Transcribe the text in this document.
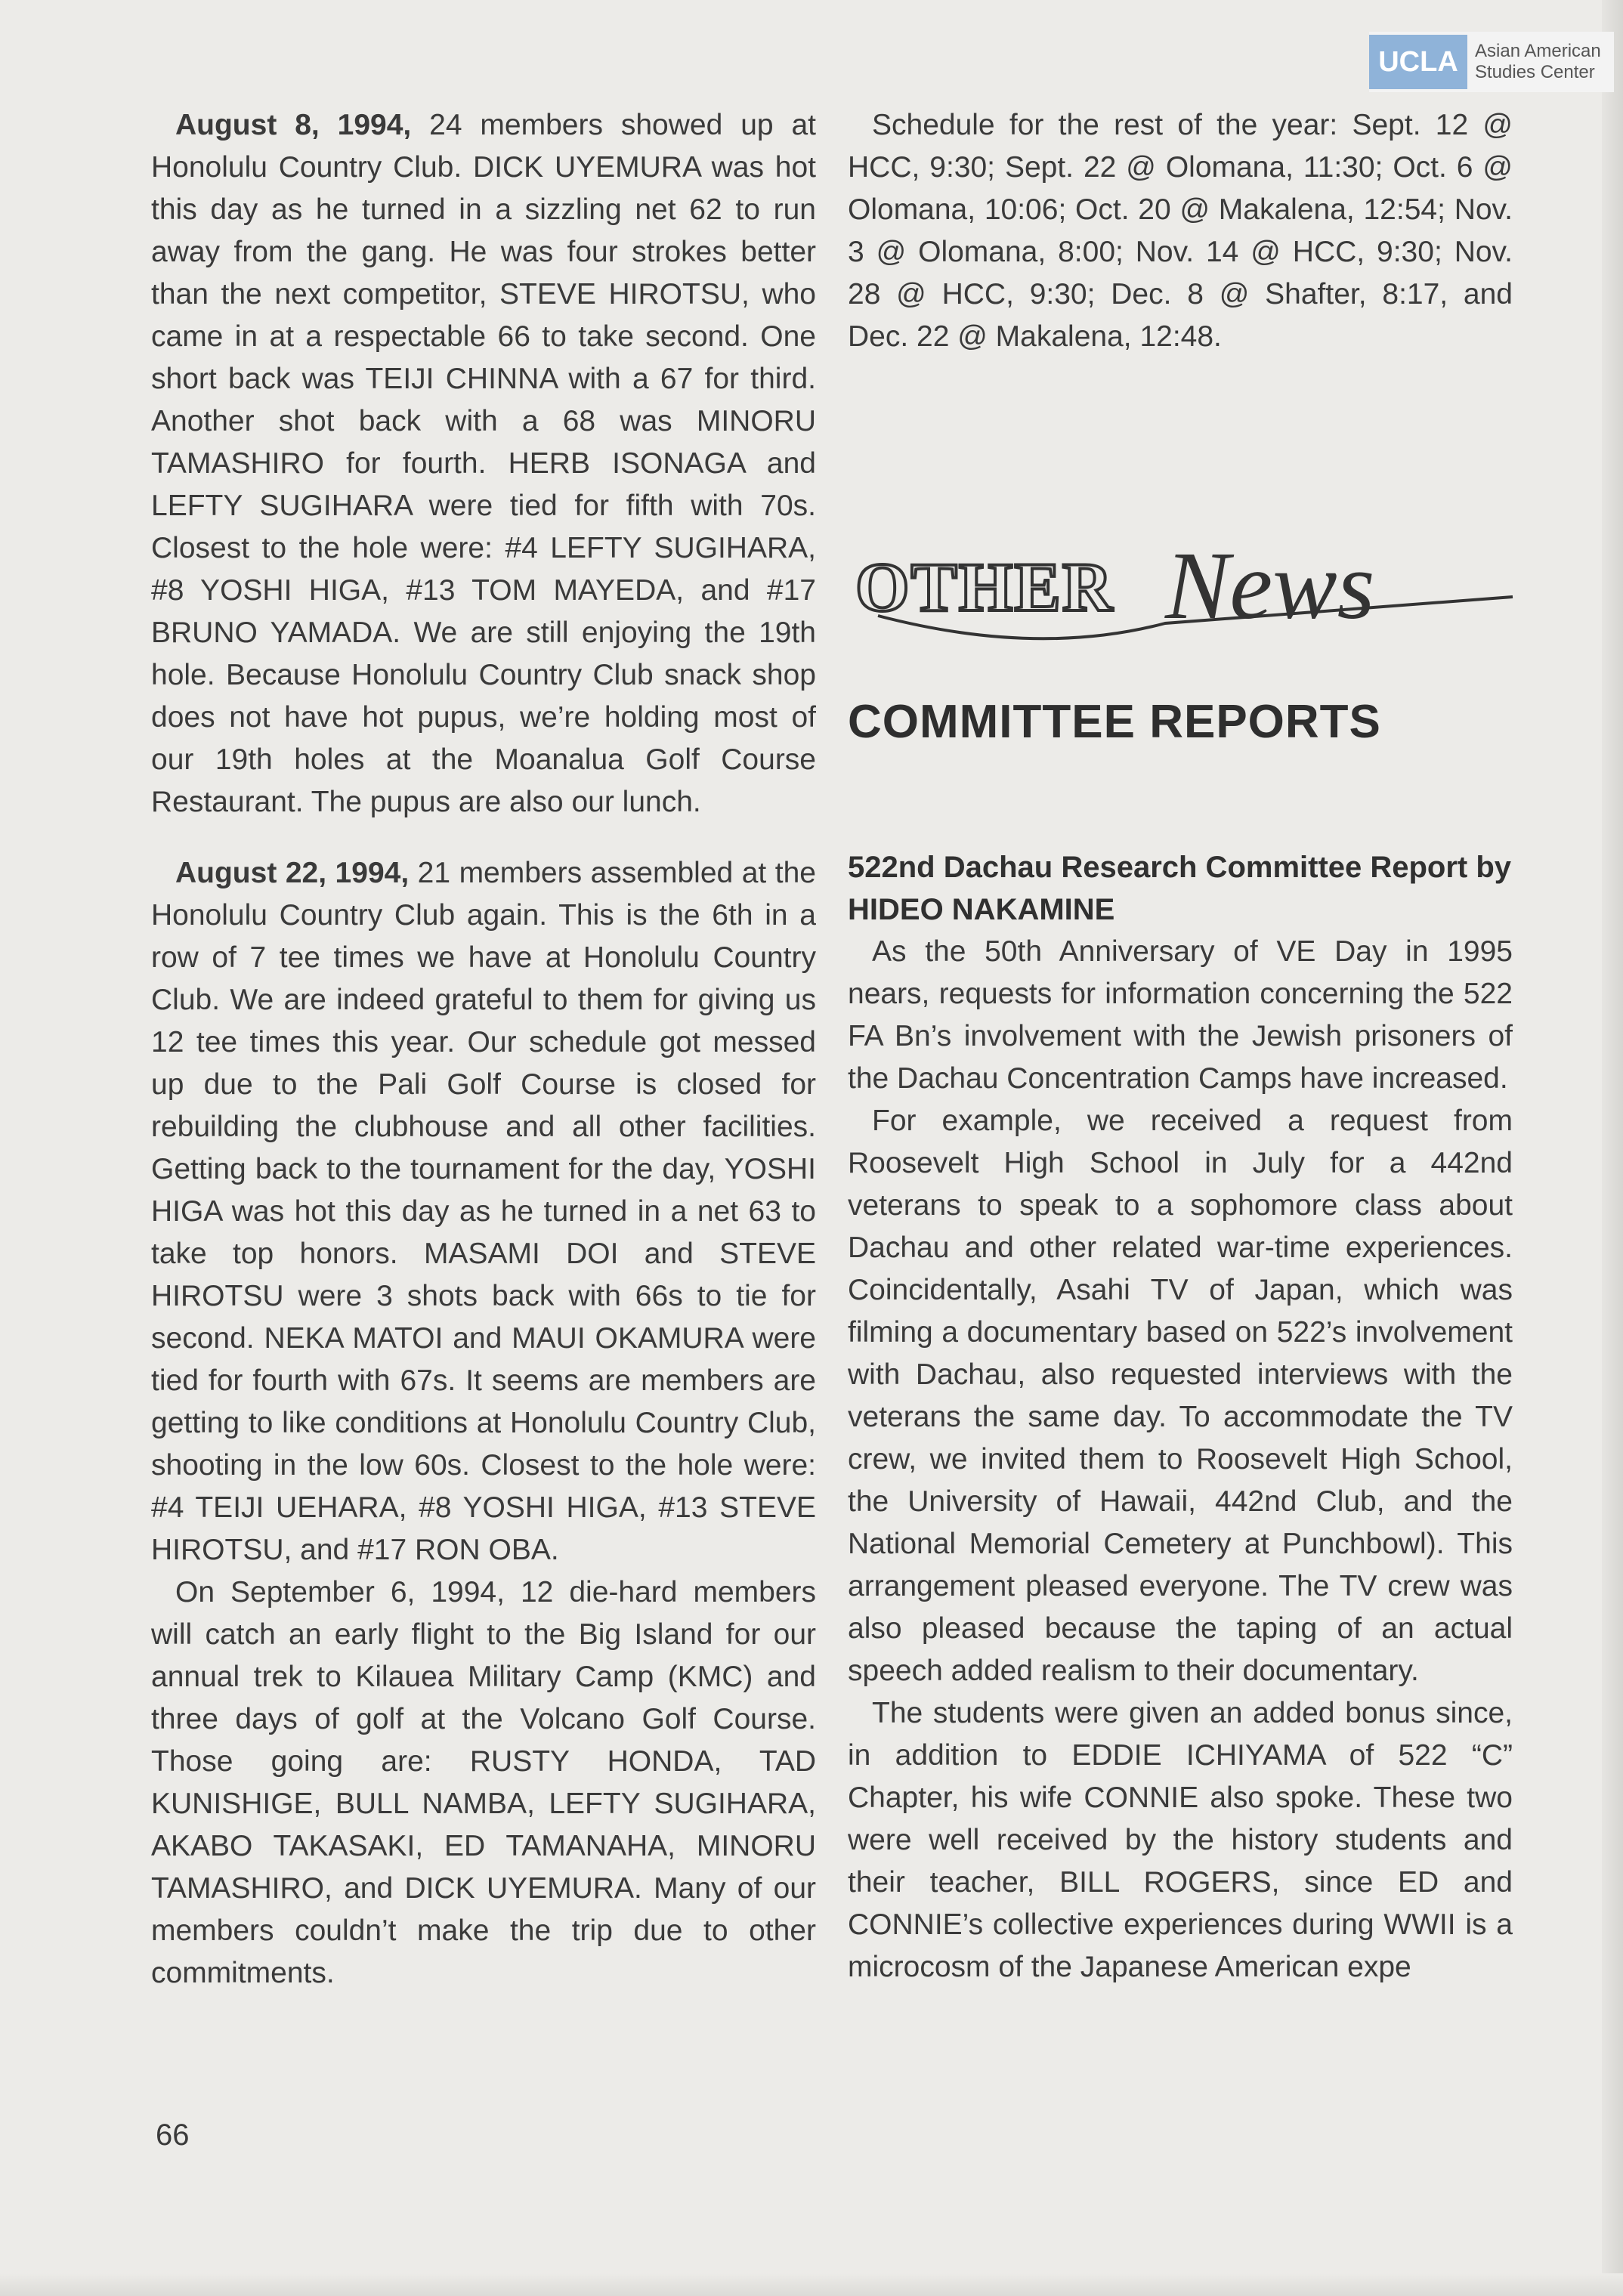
UCLA Asian American
Studies Center

August 8, 1994, 24 members showed up at Honolulu Country Club. DICK UYEMURA was hot this day as he turned in a sizzling net 62 to run away from the gang. He was four strokes better than the next competitor, STEVE HIROTSU, who came in at a respectable 66 to take second. One short back was TEIJI CHINNA with a 67 for third. Another shot back with a 68 was MINORU TAMASHIRO for fourth. HERB ISONAGA and LEFTY SUGIHARA were tied for fifth with 70s. Closest to the hole were: #4 LEFTY SUGIHARA, #8 YOSHI HIGA, #13 TOM MAYEDA, and #17 BRUNO YAMADA. We are still enjoying the 19th hole. Because Honolulu Country Club snack shop does not have hot pupus, we’re holding most of our 19th holes at the Moanalua Golf Course Restaurant. The pupus are also our lunch.

August 22, 1994, 21 members assembled at the Honolulu Country Club again. This is the 6th in a row of 7 tee times we have at Honolulu Country Club. We are indeed grateful to them for giving us 12 tee times this year. Our schedule got messed up due to the Pali Golf Course is closed for rebuilding the clubhouse and all other facilities. Getting back to the tournament for the day, YOSHI HIGA was hot this day as he turned in a net 63 to take top honors. MASAMI DOI and STEVE HIROTSU were 3 shots back with 66s to tie for second. NEKA MATOI and MAUI OKAMURA were tied for fourth with 67s. It seems are members are getting to like conditions at Honolulu Country Club, shooting in the low 60s. Closest to the hole were: #4 TEIJI UEHARA, #8 YOSHI HIGA, #13 STEVE HIROTSU, and #17 RON OBA.

On September 6, 1994, 12 die-hard members will catch an early flight to the Big Island for our annual trek to Kilauea Military Camp (KMC) and three days of golf at the Volcano Golf Course. Those going are: RUSTY HONDA, TAD KUNISHIGE, BULL NAMBA, LEFTY SUGIHARA, AKABO TAKASAKI, ED TAMANAHA, MINORU TAMASHIRO, and DICK UYEMURA. Many of our members couldn’t make the trip due to other commitments.

Schedule for the rest of the year: Sept. 12 @ HCC, 9:30; Sept. 22 @ Olomana, 11:30; Oct. 6 @ Olomana, 10:06; Oct. 20 @ Makalena, 12:54; Nov. 3 @ Olomana, 8:00; Nov. 14 @ HCC, 9:30; Nov. 28 @ HCC, 9:30; Dec. 8 @ Shafter, 8:17, and Dec. 22 @ Makalena, 12:48.

OTHER News
COMMITTEE REPORTS
522nd Dachau Research Committee Report by HIDEO NAKAMINE

As the 50th Anniversary of VE Day in 1995 nears, requests for information concerning the 522 FA Bn’s involvement with the Jewish prisoners of the Dachau Concentration Camps have increased.

For example, we received a request from Roosevelt High School in July for a 442nd veterans to speak to a sophomore class about Dachau and other related war-time experiences. Coincidentally, Asahi TV of Japan, which was filming a documentary based on 522’s involvement with Dachau, also requested interviews with the veterans the same day. To accommodate the TV crew, we invited them to Roosevelt High School, the University of Hawaii, 442nd Club, and the National Memorial Cemetery at Punchbowl). This arrangement pleased everyone. The TV crew was also pleased because the taping of an actual speech added realism to their documentary.

The students were given an added bonus since, in addition to EDDIE ICHIYAMA of 522 “C” Chapter, his wife CONNIE also spoke. These two were well received by the history students and their teacher, BILL ROGERS, since ED and CONNIE’s collective experiences during WWII is a microcosm of the Japanese American expe

66
